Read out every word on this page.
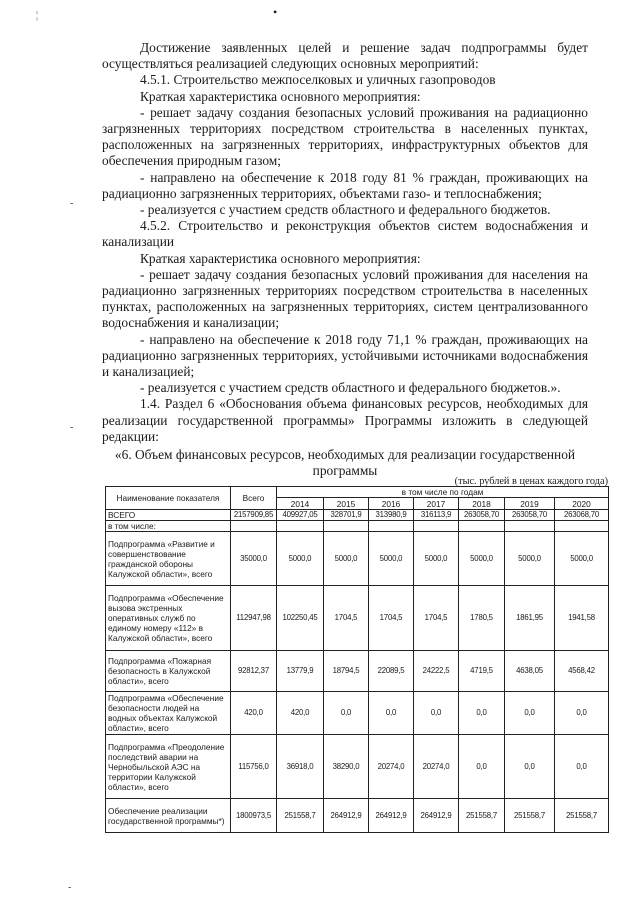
•
¦
-
-
-

Достижение заявленных целей и решение задач подпрограммы будет осуществляться реализацией следующих основных мероприятий:

4.5.1. Строительство межпоселковых и уличных газопроводов

Краткая характеристика основного мероприятия:

- решает задачу создания безопасных условий проживания на радиационно загрязненных территориях посредством строительства в населенных пунктах, расположенных на загрязненных территориях, инфраструктурных объектов для обеспечения природным газом;

- направлено на обеспечение к 2018 году 81 % граждан, проживающих на радиационно загрязненных территориях, объектами газо- и теплоснабжения;

- реализуется с участием средств областного и федерального бюджетов.

4.5.2. Строительство и реконструкция объектов систем водоснабжения и канализации

Краткая характеристика основного мероприятия:

- решает задачу создания безопасных условий проживания для населения на радиационно загрязненных территориях посредством строительства в населенных пунктах, расположенных на загрязненных территориях, систем централизованного водоснабжения и канализации;

- направлено на обеспечение к 2018 году 71,1 % граждан, проживающих на радиационно загрязненных территориях, устойчивыми источниками водоснабжения и канализацией;

- реализуется с участием средств областного и федерального бюджетов.».

1.4. Раздел 6 «Обоснования объема финансовых ресурсов, необходимых для реализации государственной программы» Программы изложить в следующей редакции:

«6. Объем финансовых ресурсов, необходимых для реализации государственной программы
(тыс. рублей в ценах каждого года)
Наименование показателя	Всего	в том числе по годам						
		2014	2015	2016	2017	2018	2019	2020
ВСЕГО	2157909,85	409927,05	328701,9	313980,9	316113,9	263058,70	263058,70	263068,70
в том числе:								
Подпрограмма «Развитие и совершенствование гражданской обороны Калужской области», всего	35000,0	5000,0	5000,0	5000,0	5000,0	5000,0	5000,0	5000,0
Подпрограмма «Обеспечение вызова экстренных оперативных служб по единому номеру «112» в Калужской области», всего	112947,98	102250,45	1704,5	1704,5	1704,5	1780,5	1861,95	1941,58
Подпрограмма «Пожарная безопасность в Калужской области», всего	92812,37	13779,9	18794,5	22089,5	24222,5	4719,5	4638,05	4568,42
Подпрограмма «Обеспечение безопасности людей на водных объектах Калужской области», всего	420,0	420,0	0,0	0,0	0,0	0,0	0,0	0,0
Подпрограмма «Преодоление последствий аварии на Чернобыльской АЭС на территории Калужской области», всего	115756,0	36918,0	38290,0	20274,0	20274,0	0,0	0,0	0,0
Обеспечение реализации государственной программы*)	1800973,5	251558,7	264912,9	264912,9	264912,9	251558,7	251558,7	251558,7
